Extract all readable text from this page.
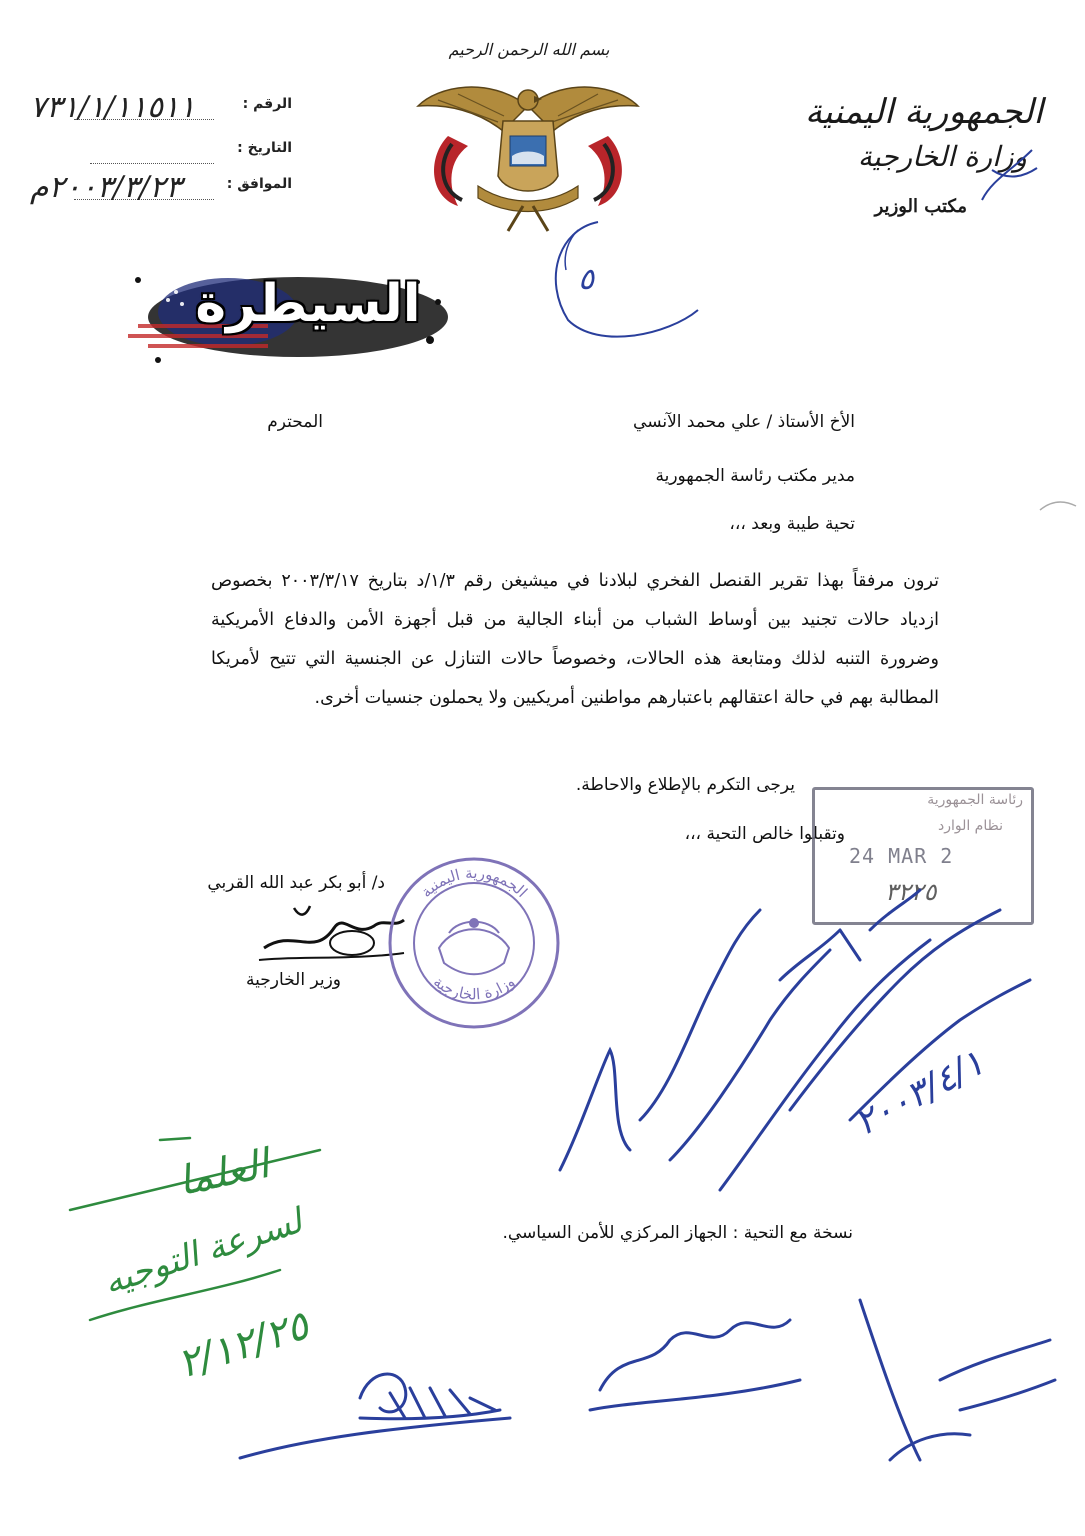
بسم الله الرحمن الرحيم
الجمهورية اليمنية
وزارة الخارجية
مكتب الوزير
الرقم :
٧٣١/١/١١٥١١
التاريخ :
الموافق :
٢٠٠٣/٣/٢٣م
٥
السيطرة
الأخ الأستاذ / علي محمد الآنسي
المحترم
مدير مكتب رئاسة الجمهورية
تحية طيبة وبعد ،،،
ترون مرفقاً بهذا تقرير القنصل الفخري لبلادنا في ميشيغن رقم ١/٣/د بتاريخ ٢٠٠٣/٣/١٧ بخصوص ازدياد حالات تجنيد بين أوساط الشباب من أبناء الجالية من قبل أجهزة الأمن والدفاع الأمريكية وضرورة التنبه لذلك ومتابعة هذه الحالات، وخصوصاً حالات التنازل عن الجنسية التي تتيح لأمريكا المطالبة بهم في حالة اعتقالهم باعتبارهم مواطنين أمريكيين ولا يحملون جنسيات أخرى.
يرجى التكرم بالإطلاع والاحاطة.
وتقبلوا خالص التحية ،،،
رئاسة الجمهورية
نظام الوارد
24 MAR 2
٣٢٢٥
د/ أبو بكر عبد الله القربي
وزير الخارجية
الجمهورية اليمنية
وزارة الخارجية
نسخة مع التحية : الجهاز المركزي للأمن السياسي.
٢٠٠٣/٤/١
العلما
لسرعة التوجيه
٢/١٢/٢٥
